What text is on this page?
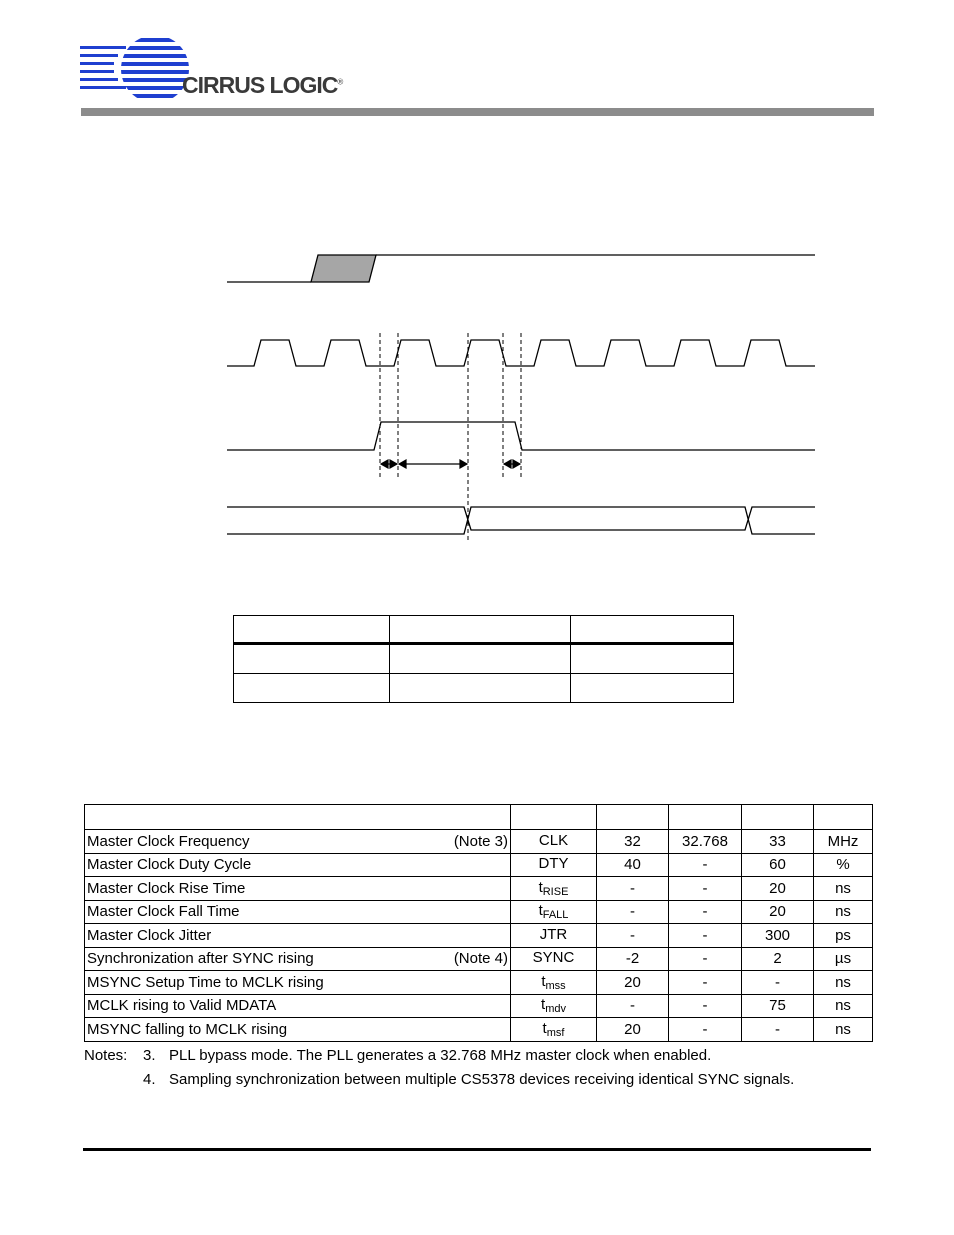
CIRRUS LOGIC®

Master Clock Frequency (Note 3)	CLK	32	32.768	33	MHz
Master Clock Duty Cycle	DTY	40	-	60	%
Master Clock Rise Time	$t_{RISE}$	-	-	20	ns
Master Clock Fall Time	$t_{FALL}$	-	-	20	ns
Master Clock Jitter	JTR	-	-	300	ps
Synchronization after SYNC rising (Note 4)	SYNC	-2	-	2	µs
MSYNC Setup Time to MCLK rising	$t_{mss}$	20	-	-	ns
MCLK rising to Valid MDATA	$t_{mdv}$	-	-	75	ns
MSYNC falling to MCLK rising	$t_{msf}$	20	-	-	ns
Notes: 3. PLL bypass mode. The PLL generates a 32.768 MHz master clock when enabled.
4. Sampling synchronization between multiple CS5378 devices receiving identical SYNC signals.
